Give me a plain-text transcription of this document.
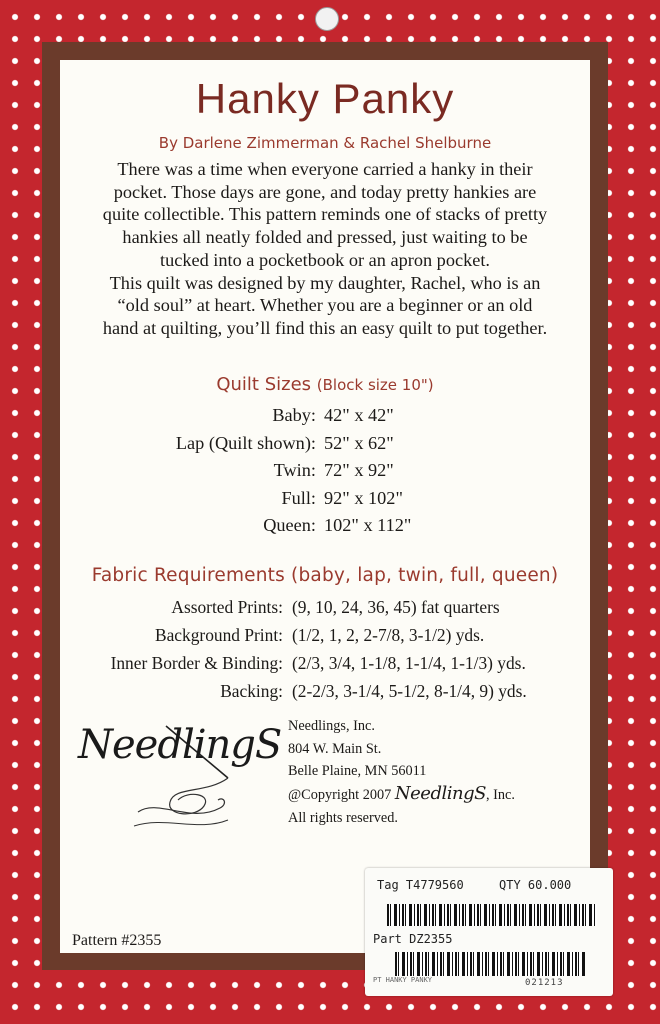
Hanky Panky
By Darlene Zimmerman & Rachel Shelburne

There was a time when everyone carried a hanky in their
pocket. Those days are gone, and today pretty hankies are
quite collectible. This pattern reminds one of stacks of pretty
hankies all neatly folded and pressed, just waiting to be
tucked into a pocketbook or an apron pocket.
This quilt was designed by my daughter, Rachel, who is an
“old soul” at heart. Whether you are a beginner or an old
hand at quilting, you’ll find this an easy quilt to put together.

Quilt Sizes (Block size 10")
Baby: 42" x 42"
Lap (Quilt shown): 52" x 62"
Twin: 72" x 92"
Full: 92" x 102"
Queen: 102" x 112"
Fabric Requirements (baby, lap, twin, full, queen)
Assorted Prints: (9, 10, 24, 36, 45) fat quarters
Background Print: (1/2, 1, 2, 2-7/8, 3-1/2) yds.
Inner Border & Binding: (2/3, 3/4, 1-1/8, 1-1/4, 1-1/3) yds.
Backing: (2-2/3, 3-1/4, 5-1/2, 8-1/4, 9) yds.
NeedlingS Needlings, Inc.
804 W. Main St.
Belle Plaine, MN 56011
@Copyright 2007 NeedlingS, Inc.
All rights reserved.
Pattern #2355
Tag T4779560	QTY 60.000
Part DZ2355
PT HANKY PANKY	021213
